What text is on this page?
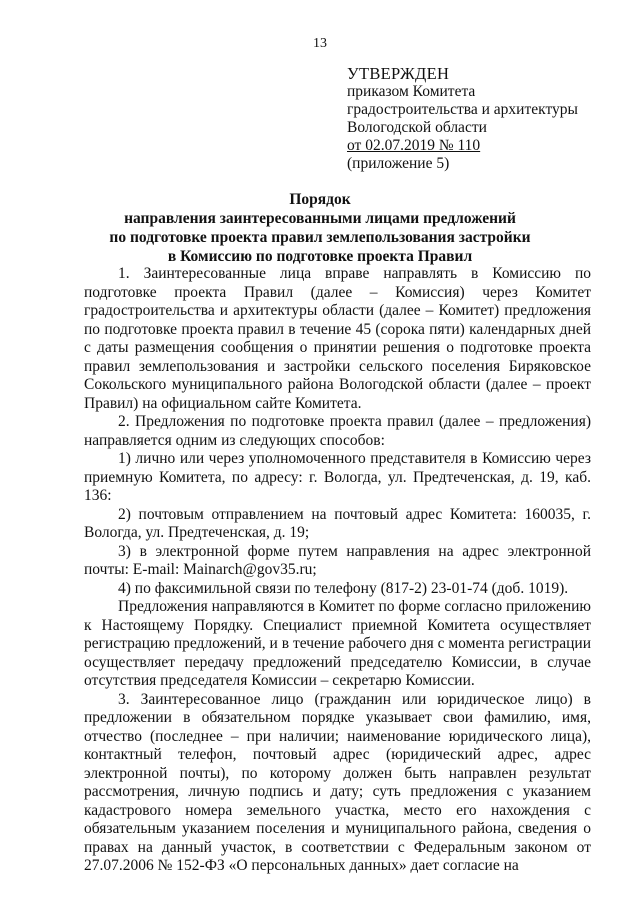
13
УТВЕРЖДЕН
приказом Комитета
градостроительства и архитектуры
Вологодской области
от 02.07.2019 № 110
(приложение 5)
Порядок
направления заинтересованными лицами предложений
по подготовке проекта правил землепользования застройки
в Комиссию по подготовке проекта Правил

1. Заинтересованные лица вправе направлять в Комиссию по подготовке проекта Правил (далее – Комиссия) через Комитет градостроительства и архитектуры области (далее – Комитет) предложения по подготовке проекта правил в течение 45 (сорока пяти) календарных дней с даты размещения сообщения о принятии решения о подготовке проекта правил землепользования и застройки сельского поселения Биряковское Сокольского муниципального района Вологодской области (далее – проект Правил) на официальном сайте Комитета.

2. Предложения по подготовке проекта правил (далее – предложения) направляется одним из следующих способов:

1) лично или через уполномоченного представителя в Комиссию через приемную Комитета, по адресу: г. Вологда, ул. Предтеченская, д. 19, каб. 136:

2) почтовым отправлением на почтовый адрес Комитета: 160035, г. Вологда, ул. Предтеченская, д. 19;

3) в электронной форме путем направления на адрес электронной почты: E-mail: Mainarch@gov35.ru;

4) по факсимильной связи по телефону (817-2) 23-01-74 (доб. 1019).

Предложения направляются в Комитет по форме согласно приложению к Настоящему Порядку. Специалист приемной Комитета осуществляет регистрацию предложений, и в течение рабочего дня с момента регистрации осуществляет передачу предложений председателю Комиссии, в случае отсутствия председателя Комиссии – секретарю Комиссии.

3. Заинтересованное лицо (гражданин или юридическое лицо) в предложении в обязательном порядке указывает свои фамилию, имя, отчество (последнее – при наличии; наименование юридического лица), контактный телефон, почтовый адрес (юридический адрес, адрес электронной почты), по которому должен быть направлен результат рассмотрения, личную подпись и дату; суть предложения с указанием кадастрового номера земельного участка, место его нахождения с обязательным указанием поселения и муниципального района, сведения о правах на данный участок, в соответствии с Федеральным законом от 27.07.2006 № 152-ФЗ «О персональных данных» дает согласие на
